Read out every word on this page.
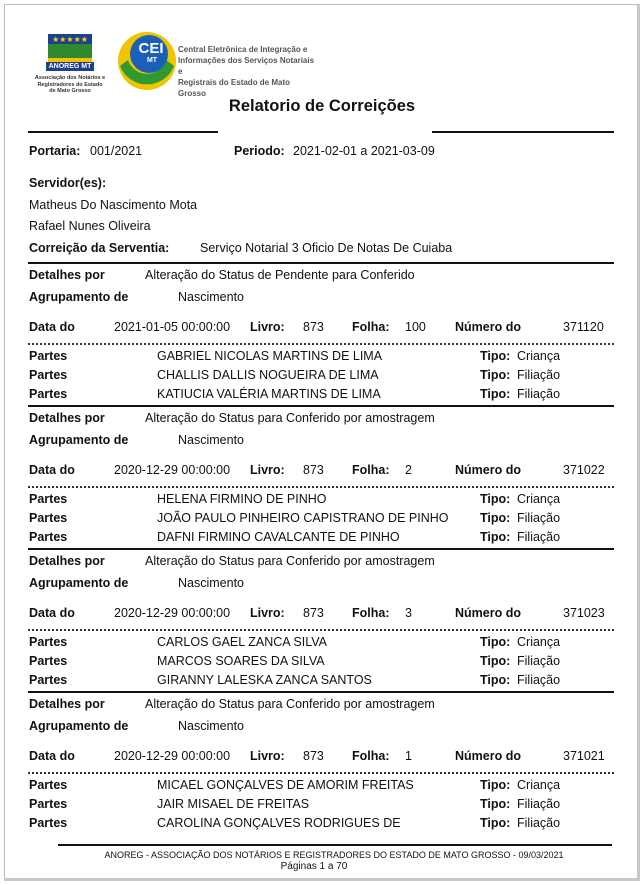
★★★★★
ANOREG MT
Associação dos Notários e Registradores do Estado de Mato Grosso
CEI
MT
Central Eletrônica de Integração e
Informações dos Serviços Notariais e
Registrais do Estado de Mato Grosso
Relatorio de Correições
Portaria: 001/2021	Periodo: 2021-02-01 a 2021-03-09
Servidor(es):
Matheus Do Nascimento Mota
Rafael Nunes Oliveira
Correição da Serventia: Serviço Notarial 3 Oficio De Notas De Cuiaba
Detalhes por	Alteração do Status de Pendente para Conferido
Agrupamento de	Nascimento
Data do	2021-01-05 00:00:00 Livro: 873 Folha: 100 Número do	371120
Partes	GABRIEL NICOLAS MARTINS DE LIMA	Tipo: Criança
Partes	CHALLIS DALLIS NOGUEIRA DE LIMA	Tipo: Filiação
Partes	KATIUCIA VALÉRIA MARTINS DE LIMA	Tipo: Filiação
Detalhes por	Alteração do Status para Conferido por amostragem
Agrupamento de	Nascimento
Data do	2020-12-29 00:00:00 Livro: 873 Folha: 2	Número do	371022
Partes	HELENA FIRMINO DE PINHO	Tipo: Criança
Partes	JOÃO PAULO PINHEIRO CAPISTRANO DE PINHO	Tipo: Filiação
Partes	DAFNI FIRMINO CAVALCANTE DE PINHO	Tipo: Filiação
Detalhes por	Alteração do Status para Conferido por amostragem
Agrupamento de	Nascimento
Data do	2020-12-29 00:00:00 Livro: 873 Folha: 3	Número do	371023
Partes	CARLOS GAEL ZANCA SILVA	Tipo: Criança
Partes	MARCOS SOARES DA SILVA	Tipo: Filiação
Partes	GIRANNY LALESKA ZANCA SANTOS	Tipo: Filiação
Detalhes por	Alteração do Status para Conferido por amostragem
Agrupamento de	Nascimento
Data do	2020-12-29 00:00:00 Livro: 873 Folha: 1	Número do	371021
Partes	MICAEL GONÇALVES DE AMORIM FREITAS	Tipo: Criança
Partes	JAIR MISAEL DE FREITAS	Tipo: Filiação
Partes	CAROLINA GONÇALVES RODRIGUES DE	Tipo: Filiação
ANOREG - ASSOCIAÇÃO DOS NOTÁRIOS E REGISTRADORES DO ESTADO DE MATO GROSSO - 09/03/2021
Páginas 1 a 70
